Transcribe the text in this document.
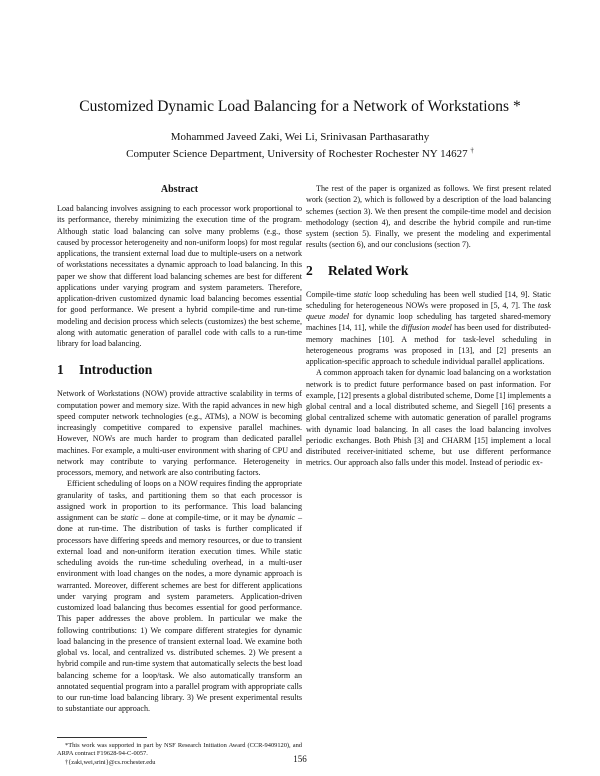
Customized Dynamic Load Balancing for a Network of Workstations *
Mohammed Javeed Zaki, Wei Li, Srinivasan Parthasarathy
Computer Science Department, University of Rochester Rochester NY 14627 †
Abstract

Load balancing involves assigning to each processor work proportional to its performance, thereby minimizing the execution time of the program. Although static load balancing can solve many problems (e.g., those caused by processor heterogeneity and non-uniform loops) for most regular applications, the transient external load due to multiple-users on a network of workstations necessitates a dynamic approach to load balancing. In this paper we show that different load balancing schemes are best for different applications under varying program and system parameters. Therefore, application-driven customized dynamic load balancing becomes essential for good performance. We present a hybrid compile-time and run-time modeling and decision process which selects (customizes) the best scheme, along with automatic generation of parallel code with calls to a run-time library for load balancing.

1 Introduction

Network of Workstations (NOW) provide attractive scalability in terms of computation power and memory size. With the rapid advances in new high speed computer network technologies (e.g., ATMs), a NOW is becoming increasingly competitive compared to expensive parallel machines. However, NOWs are much harder to program than dedicated parallel machines. For example, a multi-user environment with sharing of CPU and network may contribute to varying performance. Heterogeneity in processors, memory, and network are also contributing factors.

Efficient scheduling of loops on a NOW requires finding the appropriate granularity of tasks, and partitioning them so that each processor is assigned work in proportion to its performance. This load balancing assignment can be static – done at compile-time, or it may be dynamic – done at run-time. The distribution of tasks is further complicated if processors have differing speeds and memory resources, or due to transient external load and non-uniform iteration execution times. While static scheduling avoids the run-time scheduling overhead, in a multi-user environment with load changes on the nodes, a more dynamic approach is warranted. Moreover, different schemes are best for different applications under varying program and system parameters. Application-driven customized load balancing thus becomes essential for good performance. This paper addresses the above problem. In particular we make the following contributions: 1) We compare different strategies for dynamic load balancing in the presence of transient external load. We examine both global vs. local, and centralized vs. distributed schemes. 2) We present a hybrid compile and run-time system that automatically selects the best load balancing scheme for a loop/task. We also automatically transform an annotated sequential program into a parallel program with appropriate calls to our run-time load balancing library. 3) We present experimental results to substantiate our approach.

The rest of the paper is organized as follows. We first present related work (section 2), which is followed by a description of the load balancing schemes (section 3). We then present the compile-time model and decision methodology (section 4), and describe the hybrid compile and run-time system (section 5). Finally, we present the modeling and experimental results (section 6), and our conclusions (section 7).

2 Related Work

Compile-time static loop scheduling has been well studied [14, 9]. Static scheduling for heterogeneous NOWs were proposed in [5, 4, 7]. The task queue model for dynamic loop scheduling has targeted shared-memory machines [14, 11], while the diffusion model has been used for distributed-memory machines [10]. A method for task-level scheduling in heterogeneous programs was proposed in [13], and [2] presents an application-specific approach to schedule individual parallel applications.

A common approach taken for dynamic load balancing on a workstation network is to predict future performance based on past information. For example, [12] presents a global distributed scheme, Dome [1] implements a global central and a local distributed scheme, and Siegell [16] presents a global centralized scheme with automatic generation of parallel programs with dynamic load balancing. In all cases the load balancing involves periodic exchanges. Both Phish [3] and CHARM [15] implement a local distributed receiver-initiated scheme, but use different performance metrics. Our approach also falls under this model. Instead of periodic ex-

*This work was supported in part by NSF Research Initiation Award (CCR-9409120), and ARPA contract F19628-94-C-0057.

†{zaki,wei,srini}@cs.rochester.edu	156
